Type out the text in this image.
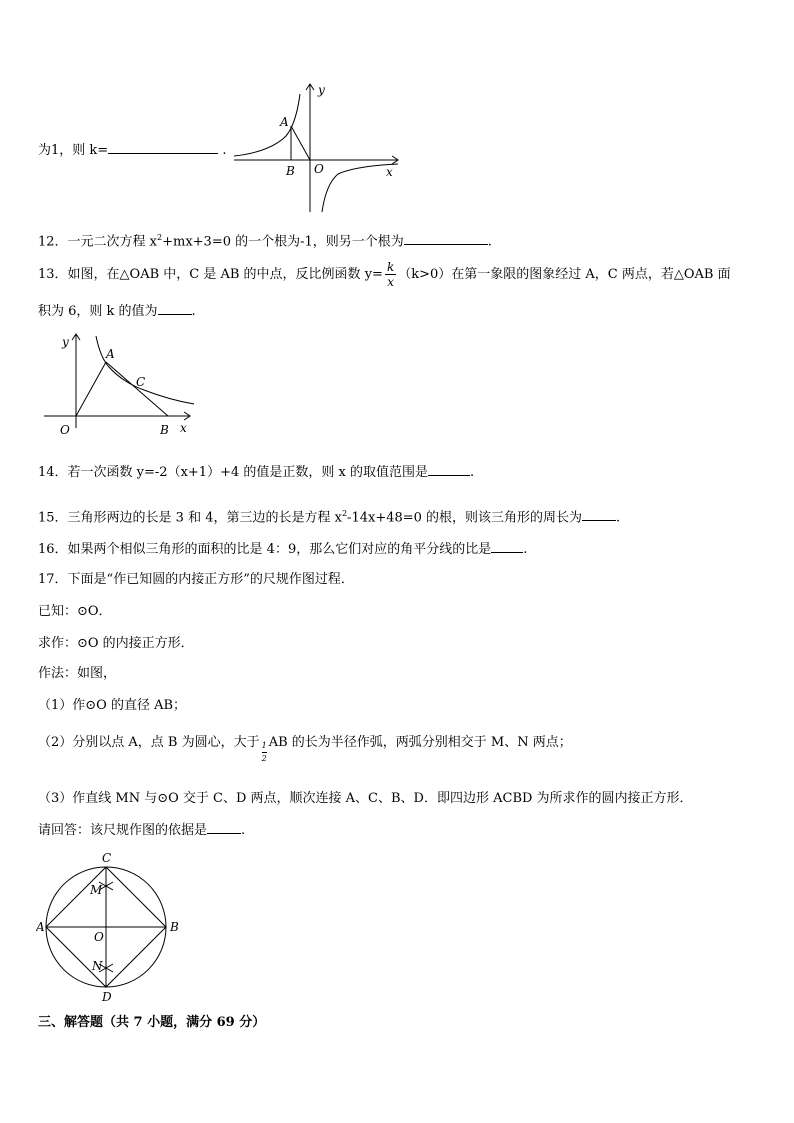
为1，则 k=	.
A
B O	x
y
12．一元二次方程 $x^2+mx+3=0$ 的一个根为-1，则另一个根为	.
13．如图，在△OAB 中，C 是 AB 的中点，反比例函数 $y= \frac{k}{x} (k>0)$在第一象限的图象经过 A，C 两点，若△OAB 面
积为 6，则 k 的值为	.
A
C
O	B x
y
14．若一次函数 y=-2（x+1）+4 的值是正数，则 x 的取值范围是	.
15．三角形两边的长是 3 和 4，第三边的长是方程 $x^2-14x+48=0$ 的根，则该三角形的周长为	.
16．如果两个相似三角形的面积的比是 4：9，那么它们对应的角平分线的比是 .
17．下面是“作已知圆的内接正方形”的尺规作图过程．
已知：⊙O．
求作：⊙O 的内接正方形．
作法：如图，
（1）作⊙O 的直径 AB；
（2）分别以点 A，点 B 为圆心，大于 $\frac{1}{2}$ AB 的长为半径作弧，两弧分别相交于 M、N 两点；
（3）作直线 MN 与⊙O 交于 C、D 两点，顺次连接 A、C、B、D．即四边形 ACBD 为所求作的圆内接正方形．
请回答：该尺规作图的依据是	.
C
M
A	B
O
N
D
三、解答题（共 7 小题，满分 69 分）
